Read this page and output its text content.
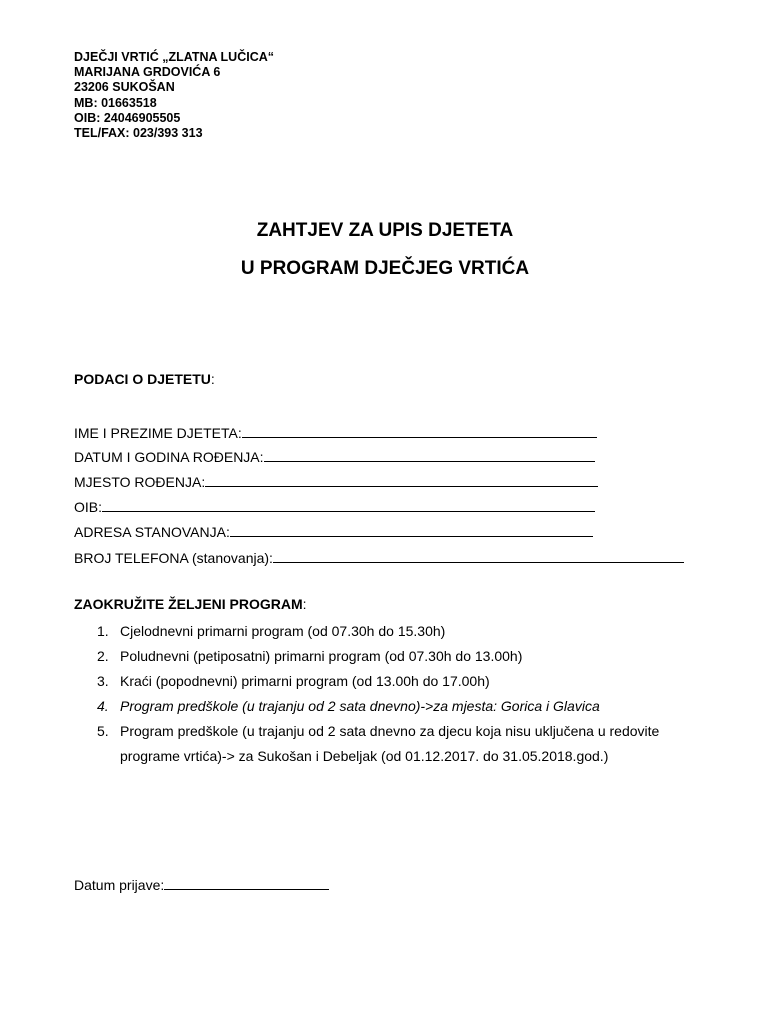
DJEČJI VRTIĆ „ZLATNA LUČICA“
MARIJANA GRDOVIĆA 6
23206 SUKOŠAN
MB: 01663518
OIB: 24046905505
TEL/FAX: 023/393 313
ZAHTJEV ZA UPIS DJETETA
U PROGRAM DJEČJEG VRTIĆA
PODACI O DJETETU:
IME I PREZIME DJETETA:
DATUM I GODINA ROĐENJA:
MJESTO ROĐENJA:
OIB:
ADRESA STANOVANJA:
BROJ TELEFONA (stanovanja):
ZAOKRUŽITE ŽELJENI PROGRAM:
1. Cjelodnevni primarni program (od 07.30h do 15.30h)
2. Poludnevni (petiposatni) primarni program (od 07.30h do 13.00h)
3. Kraći (popodnevni) primarni program (od 13.00h do 17.00h)
4. Program predškole (u trajanju od 2 sata dnevno)->za mjesta: Gorica i Glavica
5. Program predškole (u trajanju od 2 sata dnevno za djecu koja nisu uključena u redovite programe vrtića)-> za Sukošan i Debeljak (od 01.12.2017. do 31.05.2018.god.)
Datum prijave:
